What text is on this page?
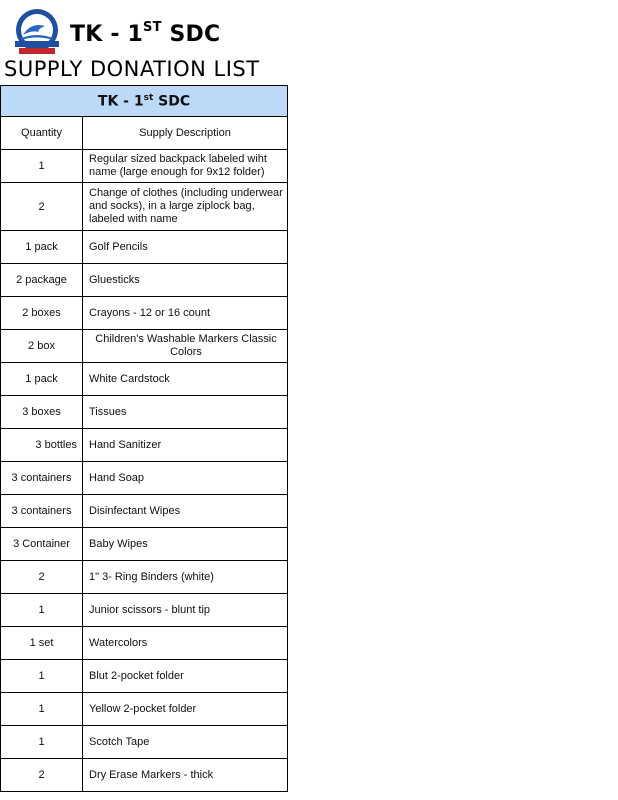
TK - 1ST SDC
SUPPLY DONATION LIST
TK - 1st SDC	
Quantity	Supply Description
1	Regular sized backpack labeled wiht name (large enough for 9x12 folder)
2	Change of clothes (including underwear and socks), in a large ziplock bag, labeled with name
1 pack	Golf Pencils
2 package	Gluesticks
2 boxes	Crayons - 12 or 16 count
2 box	Children's Washable Markers Classic Colors
1 pack	White Cardstock
3 boxes	Tissues
3 bottles	Hand Sanitizer
3 containers	Hand Soap
3 containers	Disinfectant Wipes
3 Container	Baby Wipes
2	1" 3- Ring Binders (white)
1	Junior scissors - blunt tip
1 set	Watercolors
1	Blut 2-pocket folder
1	Yellow 2-pocket folder
1	Scotch Tape
2	Dry Erase Markers - thick
